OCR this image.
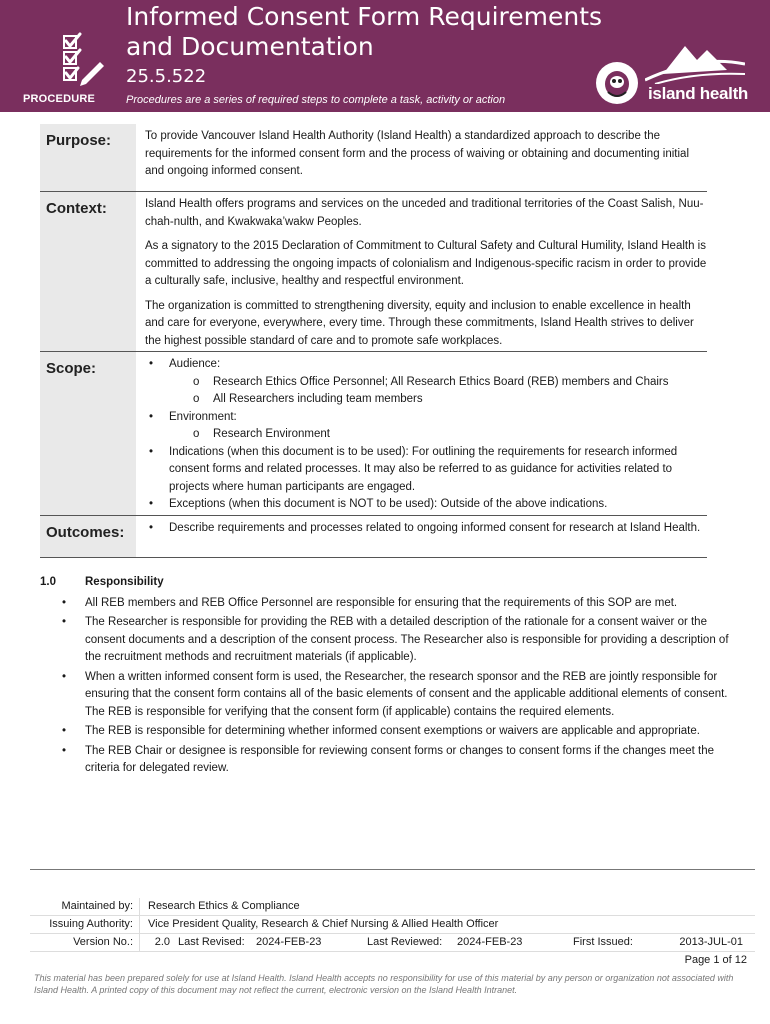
PROCEDURE
Informed Consent Form Requirements and Documentation
25.5.522
Procedures are a series of required steps to complete a task, activity or action	island health
Purpose:	To provide Vancouver Island Health Authority (Island Health) a standardized approach to describe the requirements for the informed consent form and the process of waiving or obtaining and documenting initial and ongoing informed consent.

Context:	Island Health offers programs and services on the unceded and traditional territories of the Coast Salish, Nuu-chah-nulth, and Kwakwaka’wakw Peoples.

As a signatory to the 2015 Declaration of Commitment to Cultural Safety and Cultural Humility, Island Health is committed to addressing the ongoing impacts of colonialism and Indigenous-specific racism in order to provide a culturally safe, inclusive, healthy and respectful environment.

The organization is committed to strengthening diversity, equity and inclusion to enable excellence in health and care for everyone, everywhere, every time. Through these commitments, Island Health strives to deliver the highest possible standard of care and to promote safe workplaces.

Scope:	• Audience:
o Research Ethics Office Personnel; All Research Ethics Board (REB) members and Chairs
o All Researchers including team members
• Environment:
o Research Environment
• Indications (when this document is to be used): For outlining the requirements for research informed consent forms and related processes. It may also be referred to as guidance for activities related to projects where human participants are engaged.
• Exceptions (when this document is NOT to be used): Outside of the above indications.
Outcomes:	• Describe requirements and processes related to ongoing informed consent for research at Island Health.
1.0	Responsibility
• All REB members and REB Office Personnel are responsible for ensuring that the requirements of this SOP are met.
• The Researcher is responsible for providing the REB with a detailed description of the rationale for a consent waiver or the consent documents and a description of the consent process. The Researcher also is responsible for providing a description of the recruitment methods and recruitment materials (if applicable).
• When a written informed consent form is used, the Researcher, the research sponsor and the REB are jointly responsible for ensuring that the consent form contains all of the basic elements of consent and the applicable additional elements of consent. The REB is responsible for verifying that the consent form (if applicable) contains the required elements.
• The REB is responsible for determining whether informed consent exemptions or waivers are applicable and appropriate.
• The REB Chair or designee is responsible for reviewing consent forms or changes to consent forms if the changes meet the criteria for delegated review.
Maintained by:	Research Ethics & Compliance
Issuing Authority:	Vice President Quality, Research & Chief Nursing & Allied Health Officer
Version No.:	2.0 Last Revised:	2024-FEB-23	Last Reviewed:	2024-FEB-23	First Issued:	2013-JUL-01
Page 1 of 12
This material has been prepared solely for use at Island Health. Island Health accepts no responsibility for use of this material by any person or organization not associated with Island Health. A printed copy of this document may not reflect the current, electronic version on the Island Health Intranet.
